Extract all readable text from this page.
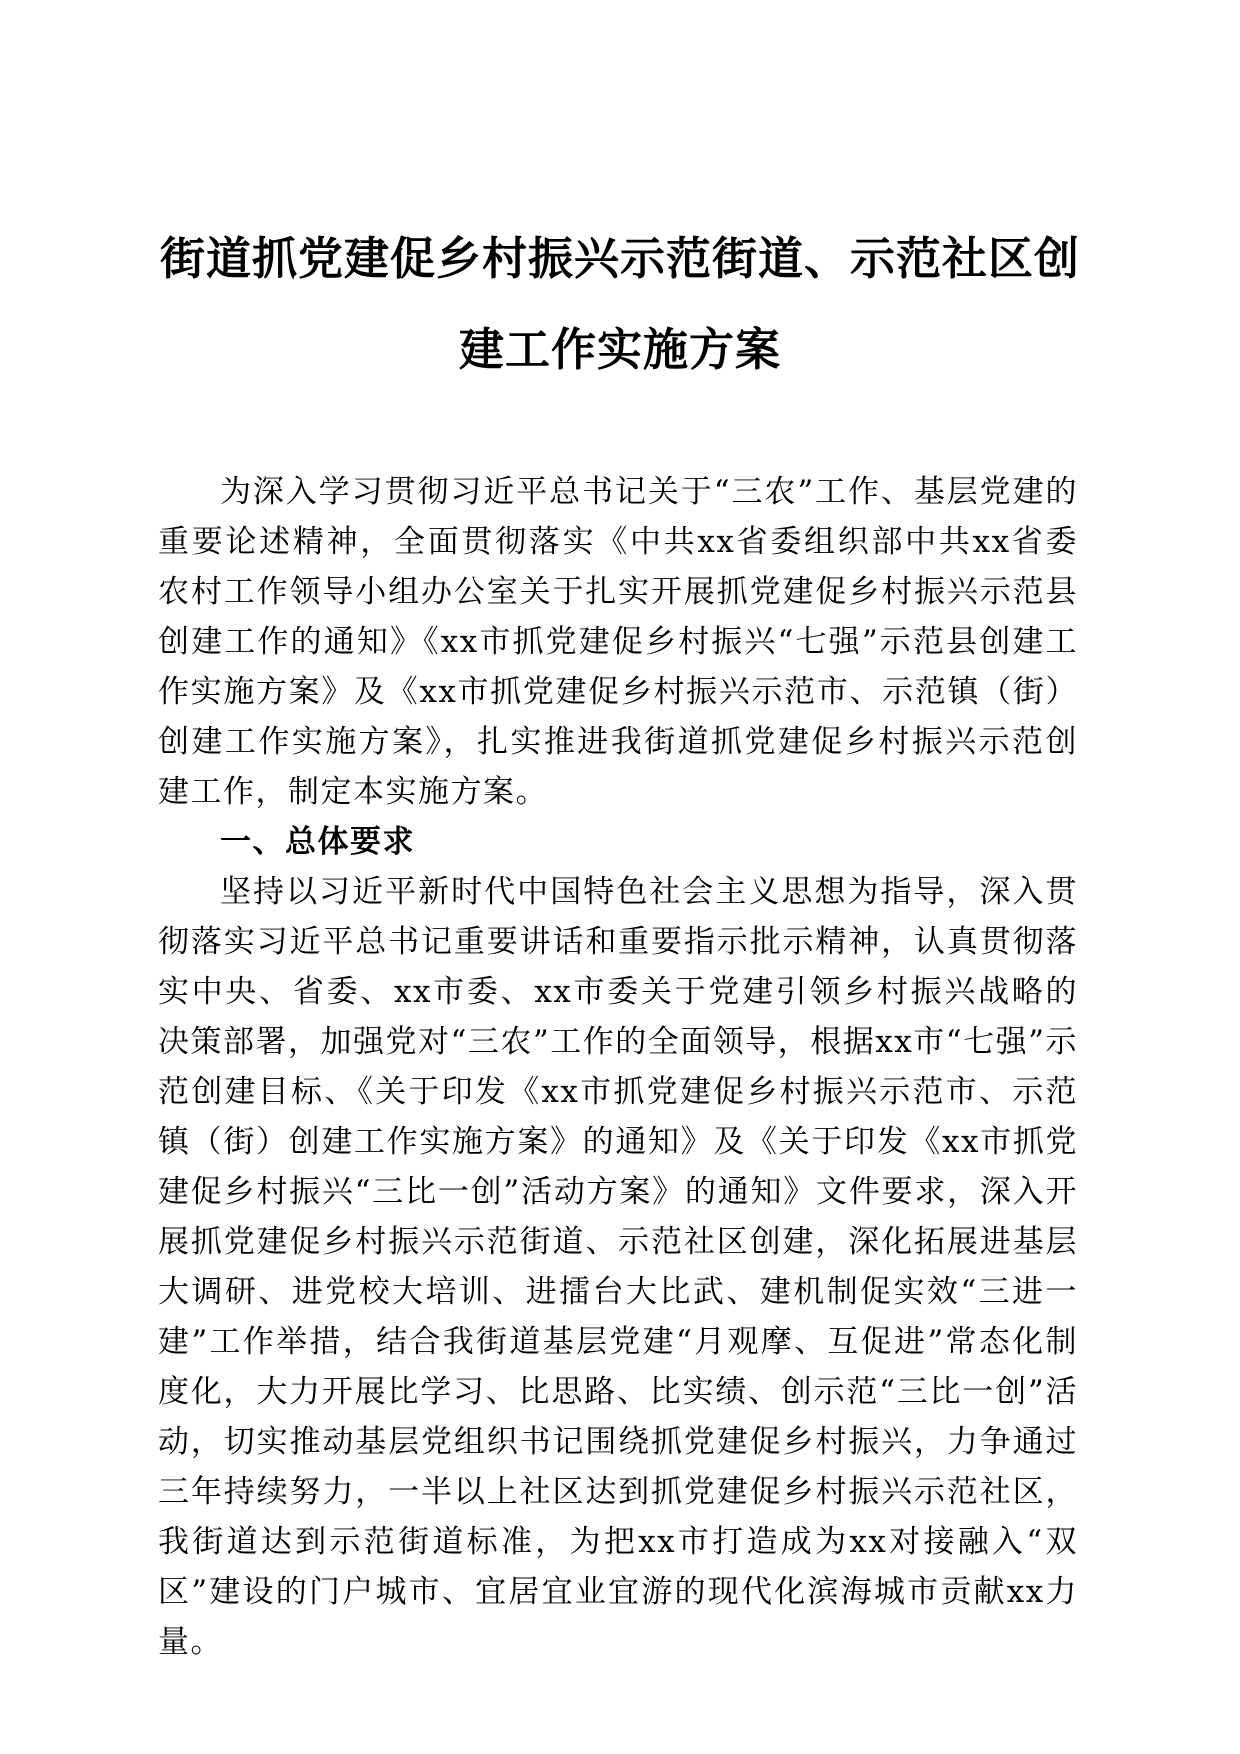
街道抓党建促乡村振兴示范街道、示范社区创
建工作实施方案

为深入学习贯彻习近平总书记关于“三农”工作、基层党建的重要论述精神，全面贯彻落实《中共xx省委组织部中共xx省委农村工作领导小组办公室关于扎实开展抓党建促乡村振兴示范县创建工作的通知》《xx市抓党建促乡村振兴“七强”示范县创建工作实施方案》及《xx市抓党建促乡村振兴示范市、示范镇（街）创建工作实施方案》，扎实推进我街道抓党建促乡村振兴示范创建工作，制定本实施方案。

一、总体要求

坚持以习近平新时代中国特色社会主义思想为指导，深入贯彻落实习近平总书记重要讲话和重要指示批示精神，认真贯彻落实中央、省委、xx市委、xx市委关于党建引领乡村振兴战略的决策部署，加强党对“三农”工作的全面领导，根据xx市“七强”示范创建目标、《关于印发《xx市抓党建促乡村振兴示范市、示范镇（街）创建工作实施方案》的通知》及《关于印发《xx市抓党建促乡村振兴“三比一创”活动方案》的通知》文件要求，深入开展抓党建促乡村振兴示范街道、示范社区创建，深化拓展进基层大调研、进党校大培训、进擂台大比武、建机制促实效“三进一建”工作举措，结合我街道基层党建“月观摩、互促进”常态化制度化，大力开展比学习、比思路、比实绩、创示范“三比一创”活动，切实推动基层党组织书记围绕抓党建促乡村振兴，力争通过三年持续努力，一半以上社区达到抓党建促乡村振兴示范社区，我街道达到示范街道标准，为把xx市打造成为xx对接融入“双区”建设的门户城市、宜居宜业宜游的现代化滨海城市贡献xx力量。
